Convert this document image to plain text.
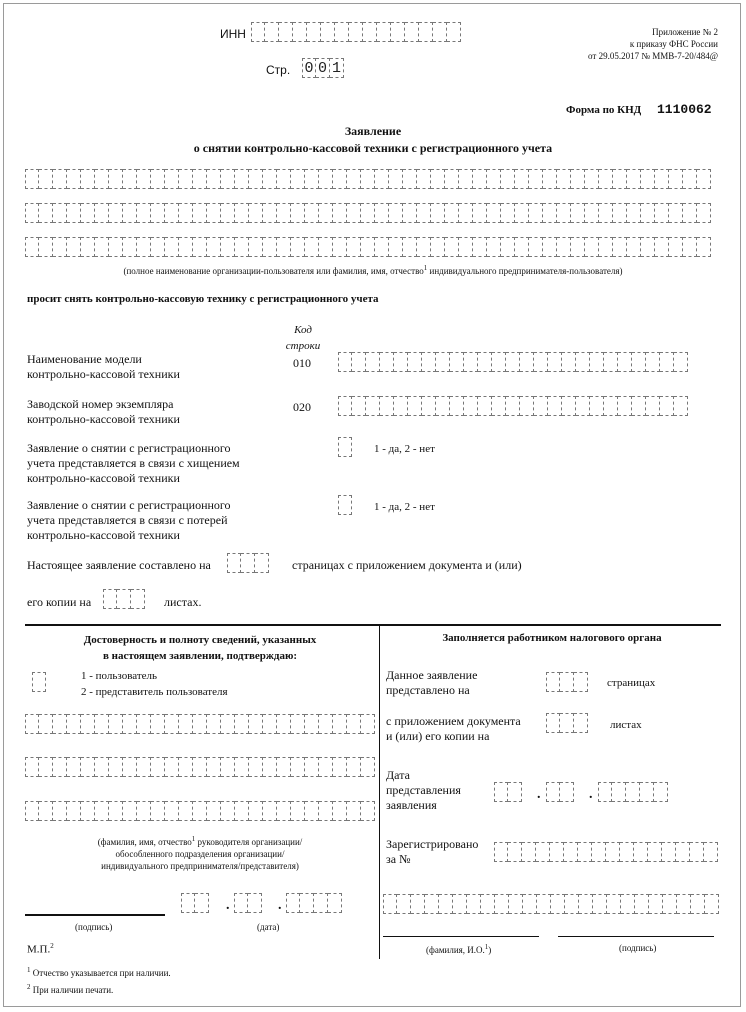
ИНН
Стр. 0 0 1
Приложение № 2
к приказу ФНС России
от 29.05.2017 № ММВ-7-20/484@
Форма по КНД 1110062
Заявление
о снятии контрольно-кассовой техники с регистрационного учета
(полное наименование организации-пользователя или фамилия, имя, отчество$^1$ индивидуального предпринимателя-пользователя)
просит снять контрольно-кассовую технику с регистрационного учета
Код
строки
Наименование модели
контрольно-кассовой техники
010
Заводской номер экземпляра
контрольно-кассовой техники
020
Заявление о снятии с регистрационного
учета представляется в связи с хищением
контрольно-кассовой техники
1 - да, 2 - нет
Заявление о снятии с регистрационного
учета представляется в связи с потерей
контрольно-кассовой техники
1 - да, 2 - нет
Настоящее заявление составлено на	страницах с приложением документа и (или)
его копии на	листах.
Достоверность и полноту сведений, указанных
в настоящем заявлении, подтверждаю:
1 - пользователь
2 - представитель пользователя
(фамилия, имя, отчество$^1$ руководителя организации/
обособленного подразделения организации/
индивидуального предпринимателя/представителя)
.	.
(подпись)	(дата)
М.П.$^2$
Заполняется работником налогового органа
Данное заявление
представлено на	страницах
с приложением документа
и (или) его копии на
листах
Дата
представления
заявления
.	.
Зарегистрировано
за №
(фамилия, И.О.$^1$)	(подпись)
$^1$ Отчество указывается при наличии.
$^2$ При наличии печати.
